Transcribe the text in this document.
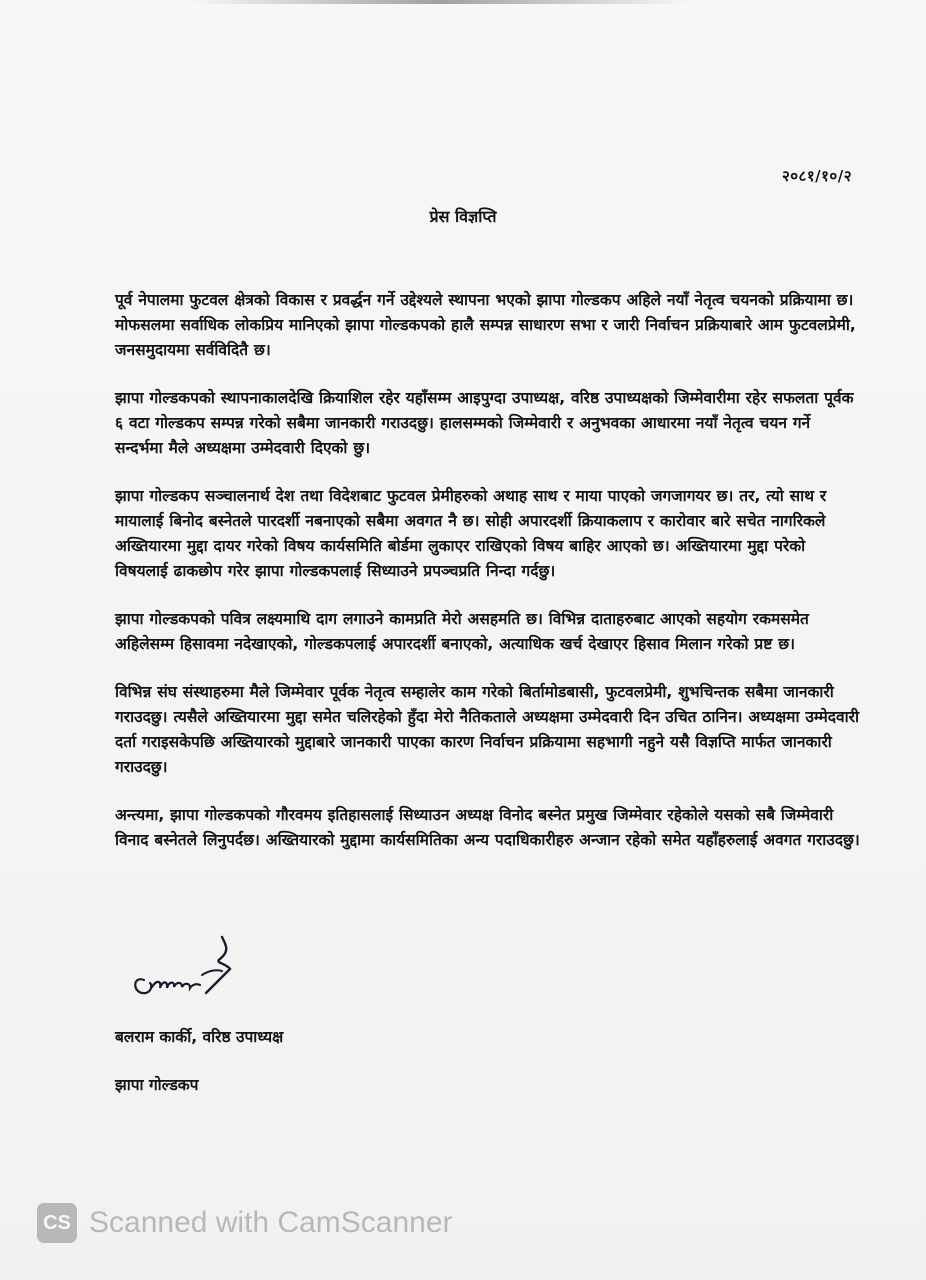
२०८१/१०/२
प्रेस विज्ञप्ति

पूर्व नेपालमा फुटवल क्षेत्रको विकास र प्रवर्द्धन गर्ने उद्देश्यले स्थापना भएको झापा गोल्डकप अहिले नयाँ नेतृत्व चयनको प्रक्रियामा छ। मोफसलमा सर्वाधिक लोकप्रिय मानिएको झापा गोल्डकपको हालै सम्पन्न साधारण सभा र जारी निर्वाचन प्रक्रियाबारे आम फुटवलप्रेमी, जनसमुदायमा सर्वविदितै छ।

झापा गोल्डकपको स्थापनाकालदेखि क्रियाशिल रहेर यहाँसम्म आइपुग्दा उपाध्यक्ष, वरिष्ठ उपाध्यक्षको जिम्मेवारीमा रहेर सफलता पूर्वक ६ वटा गोल्डकप सम्पन्न गरेको सबैमा जानकारी गराउदछु। हालसम्मको जिम्मेवारी र अनुभवका आधारमा नयाँ नेतृत्व चयन गर्ने सन्दर्भमा मैले अध्यक्षमा उम्मेदवारी दिएको छु।

झापा गोल्डकप सञ्चालनार्थ देश तथा विदेशबाट फुटवल प्रेमीहरुको अथाह साथ र माया पाएको जगजागयर छ। तर, त्यो साथ र मायालाई बिनोद बस्नेतले पारदर्शी नबनाएको सबैमा अवगत नै छ। सोही अपारदर्शी क्रियाकलाप र कारोवार बारे सचेत नागरिकले अख्तियारमा मुद्दा दायर गरेको विषय कार्यसमिति बोर्डमा लुकाएर राखिएको विषय बाहिर आएको छ। अख्तियारमा मुद्दा परेको विषयलाई ढाकछोप गरेर झापा गोल्डकपलाई सिध्याउने प्रपञ्चप्रति निन्दा गर्दछु।

झापा गोल्डकपको पवित्र लक्ष्यमाथि दाग लगाउने कामप्रति मेरो असहमति छ। विभिन्न दाताहरुबाट आएको सहयोग रकमसमेत अहिलेसम्म हिसावमा नदेखाएको, गोल्डकपलाई अपारदर्शी बनाएको, अत्याधिक खर्च देखाएर हिसाव मिलान गरेको प्रष्ट छ।

विभिन्न संघ संस्थाहरुमा मैले जिम्मेवार पूर्वक नेतृत्व सम्हालेर काम गरेको बिर्तामोडबासी, फुटवलप्रेमी, शुभचिन्तक सबैमा जानकारी गराउदछु। त्यसैले अख्तियारमा मुद्दा समेत चलिरहेको हुँदा मेरो नैतिकताले अध्यक्षमा उम्मेदवारी दिन उचित ठानिन। अध्यक्षमा उम्मेदवारी दर्ता गराइसकेपछि अख्तियारको मुद्दाबारे जानकारी पाएका कारण निर्वाचन प्रक्रियामा सहभागी नहुने यसै विज्ञप्ति मार्फत जानकारी गराउदछु।

अन्त्यमा, झापा गोल्डकपको गौरवमय इतिहासलाई सिध्याउन अध्यक्ष विनोद बस्नेत प्रमुख जिम्मेवार रहेकोले यसको सबै जिम्मेवारी विनाद बस्नेतले लिनुपर्दछ। अख्तियारको मुद्दामा कार्यसमितिका अन्य पदाधिकारीहरु अन्जान रहेको समेत यहाँहरुलाई अवगत गराउदछु।

बलराम कार्की, वरिष्ठ उपाध्यक्ष
झापा गोल्डकप
CS Scanned with CamScanner
